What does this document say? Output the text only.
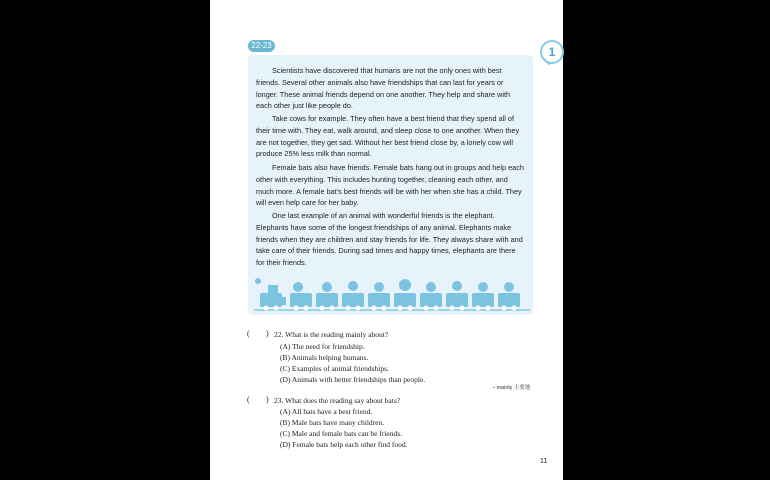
22-23	1

Scientists have discovered that humans are not the only ones with best friends. Several other animals also have friendships that can last for years or longer. These animal friends depend on one another. They help and share with each other just like people do.

Take cows for example. They often have a best friend that they spend all of their time with. They eat, walk around, and sleep close to one another. When they are not together, they get sad. Without her best friend close by, a lonely cow will produce 25% less milk than normal.

Female bats also have friends. Female bats hang out in groups and help each other with everything. This includes hunting together, cleaning each other, and much more. A female bat's best friends will be with her when she has a child. They will even help care for her baby.

One last example of an animal with wonderful friends is the elephant. Elephants have some of the longest friendships of any animal. Elephants make friends when they are children and stay friends for life. They always share with and take care of their friends. During sad times and happy times, elephants are there for their friends.

( ) 22. What is the reading mainly about?

(A) The need for friendship.

(B) Animals helping humans.

(C) Examples of animal friendships.

(D) Animals with better friendships than people.

• mainly 主要地
( ) 23. What does the reading say about bats?

(A) All bats have a best friend.

(B) Male bats have many children.

(C) Male and female bats can be friends.

(D) Female bats help each other find food.

11
